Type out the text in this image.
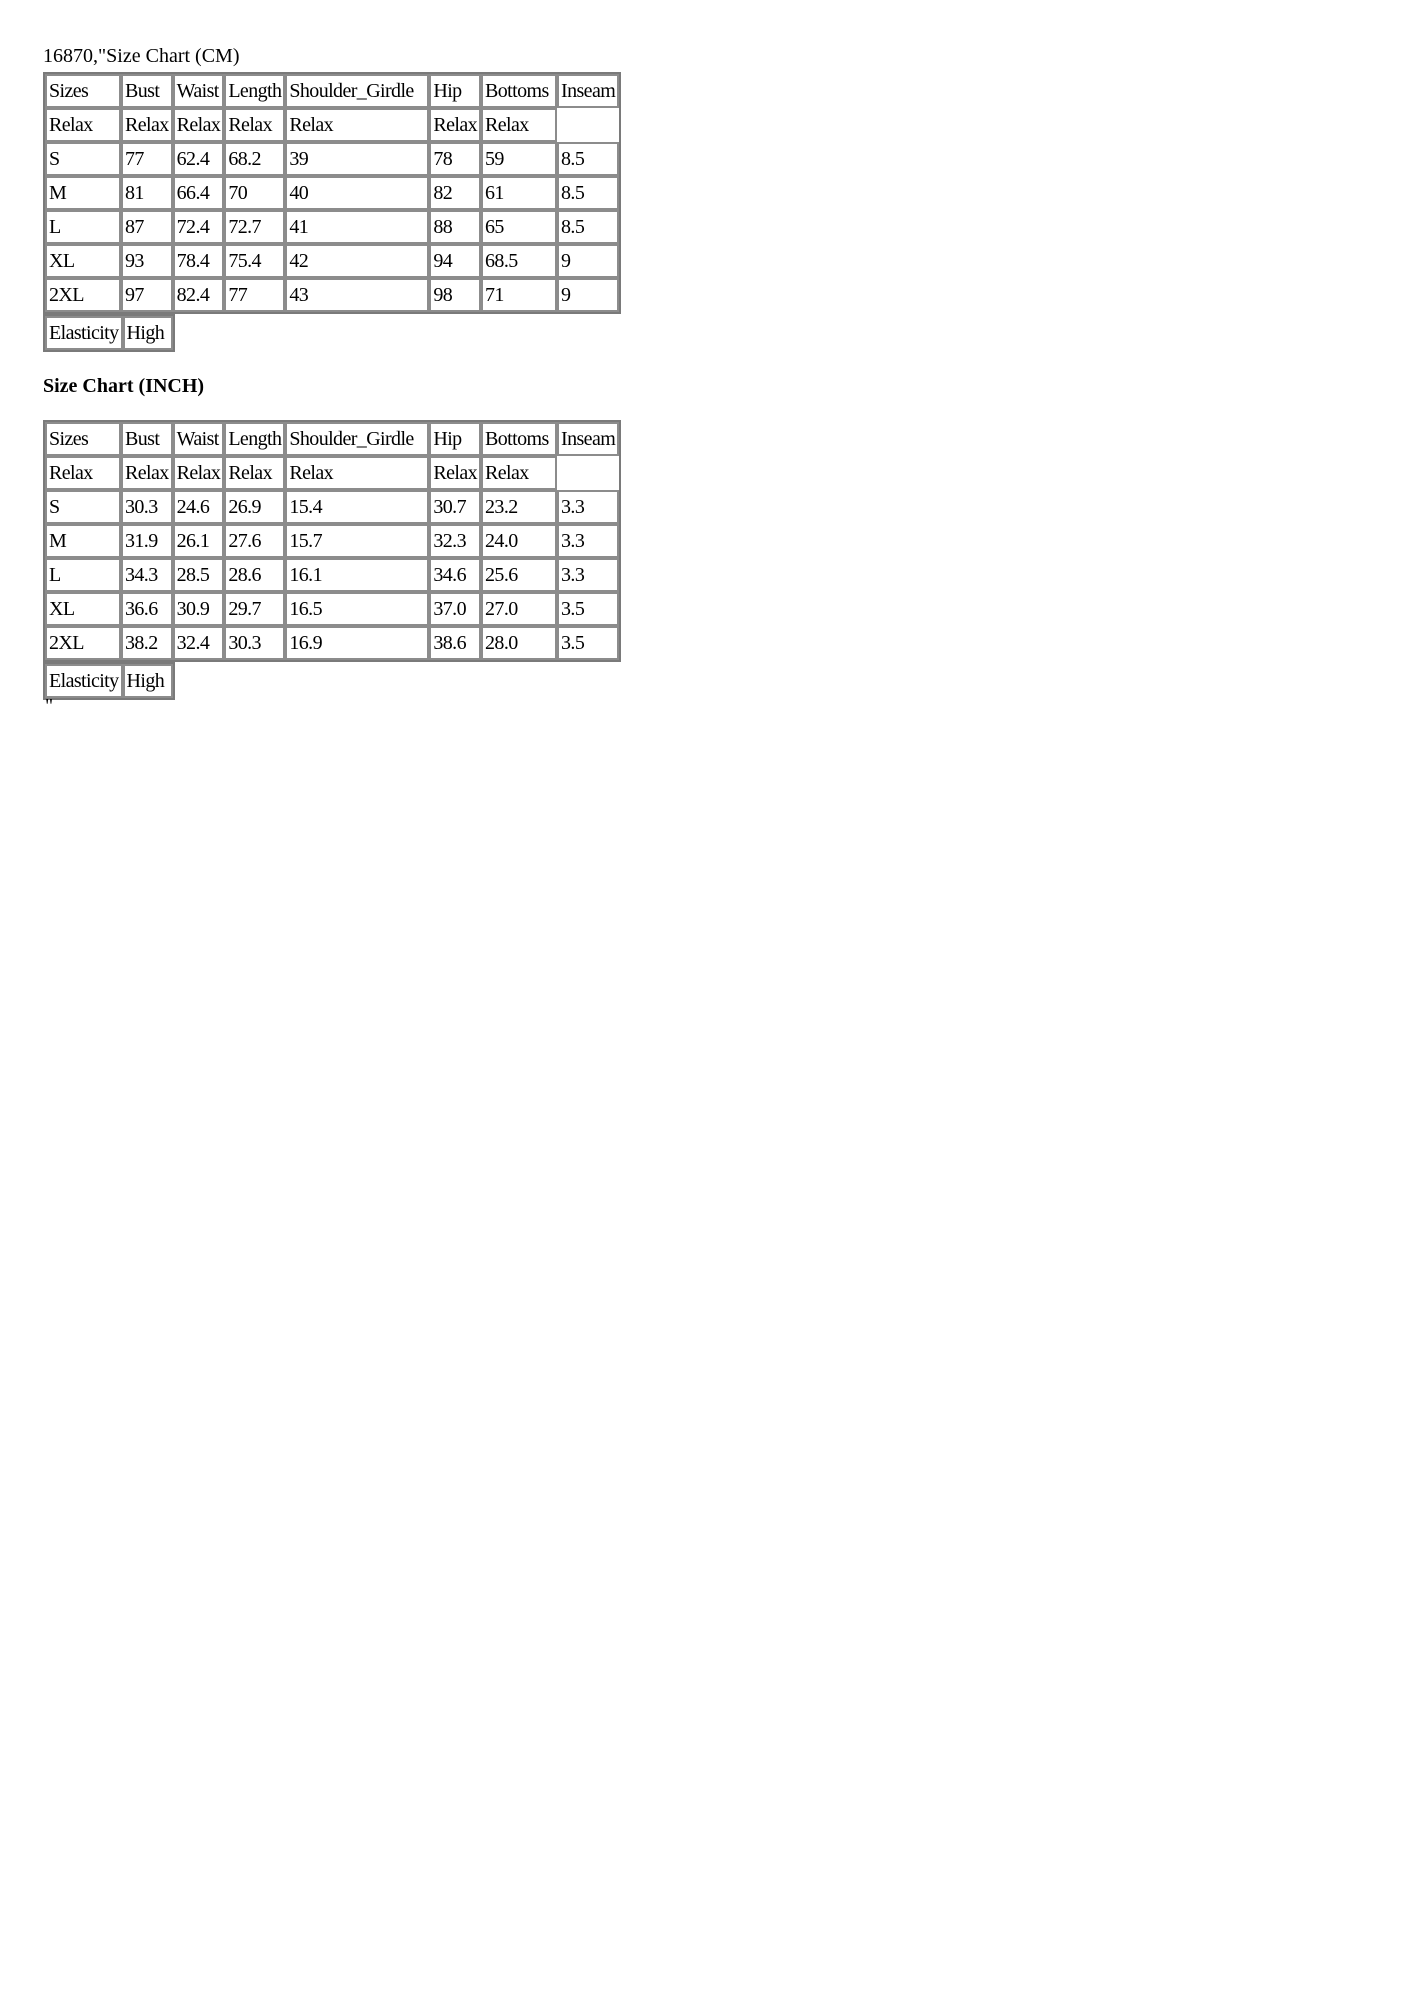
16870,"Size Chart (CM)
Sizes	Bust	Waist	Length	Shoulder_Girdle	Hip	Bottoms	Inseam
Relax	Relax	Relax	Relax	Relax	Relax	Relax	
S	77	62.4	68.2	39	78	59	8.5
M	81	66.4	70	40	82	61	8.5
L	87	72.4	72.7	41	88	65	8.5
XL	93	78.4	75.4	42	94	68.5	9
2XL	97	82.4	77	43	98	71	9
Elasticity	High
Size Chart (INCH)
Sizes	Bust	Waist	Length	Shoulder_Girdle	Hip	Bottoms	Inseam
Relax	Relax	Relax	Relax	Relax	Relax	Relax	
S	30.3	24.6	26.9	15.4	30.7	23.2	3.3
M	31.9	26.1	27.6	15.7	32.3	24.0	3.3
L	34.3	28.5	28.6	16.1	34.6	25.6	3.3
XL	36.6	30.9	29.7	16.5	37.0	27.0	3.5
2XL	38.2	32.4	30.3	16.9	38.6	28.0	3.5
Elasticity	High
"
